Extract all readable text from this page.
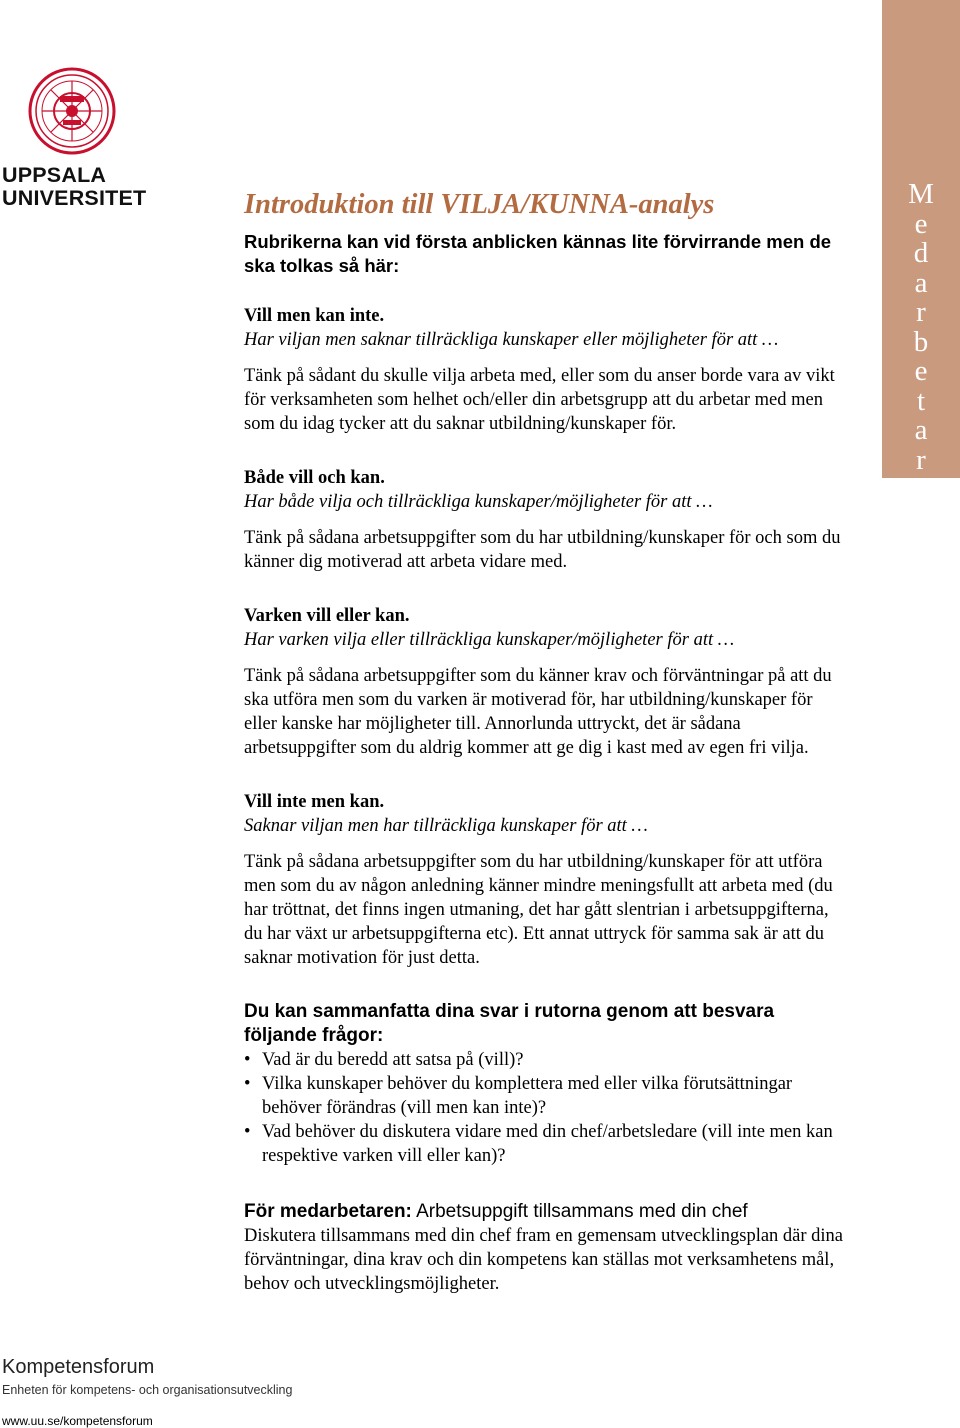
UPPSALA
UNIVERSITET	M
e
d
a
r
b
e
t
a
r
e
Introduktion till VILJA/KUNNA-analys

Rubrikerna kan vid första anblicken kännas lite förvirrande men de ska tolkas så här:

Vill men kan inte.

Har viljan men saknar tillräckliga kunskaper eller möjligheter för att …

Tänk på sådant du skulle vilja arbeta med, eller som du anser borde vara av vikt för verksamheten som helhet och/eller din arbetsgrupp att du arbetar med men som du idag tycker att du saknar utbildning/kunskaper för.

Både vill och kan.

Har både vilja och tillräckliga kunskaper/möjligheter för att …

Tänk på sådana arbetsuppgifter som du har utbildning/kunskaper för och som du känner dig motiverad att arbeta vidare med.

Varken vill eller kan.

Har varken vilja eller tillräckliga kunskaper/möjligheter för att …

Tänk på sådana arbetsuppgifter som du känner krav och förväntningar på att du ska utföra men som du varken är motiverad för, har utbildning/kunskaper för eller kanske har möjligheter till. Annorlunda uttryckt, det är sådana arbetsuppgifter som du aldrig kommer att ge dig i kast med av egen fri vilja.

Vill inte men kan.

Saknar viljan men har tillräckliga kunskaper för att …

Tänk på sådana arbetsuppgifter som du har utbildning/kunskaper för att utföra men som du av någon anledning känner mindre meningsfullt att arbeta med (du har tröttnat, det finns ingen utmaning, det har gått slentrian i arbetsuppgifterna, du har växt ur arbetsuppgifterna etc). Ett annat uttryck för samma sak är att du saknar motivation för just detta.

Du kan sammanfatta dina svar i rutorna genom att besvara följande frågor:

• Vad är du beredd att satsa på (vill)?
• Vilka kunskaper behöver du komplettera med eller vilka förutsättningar behöver förändras (vill men kan inte)?
• Vad behöver du diskutera vidare med din chef/arbetsledare (vill inte men kan respektive varken vill eller kan)?

För medarbetaren: Arbetsuppgift tillsammans med din chef

Diskutera tillsammans med din chef fram en gemensam utvecklingsplan där dina förväntningar, dina krav och din kompetens kan ställas mot verksamhetens mål, behov och utvecklingsmöjligheter.

Kompetensforum
Enheten för kompetens- och organisationsutveckling
www.uu.se/kompetensforum
